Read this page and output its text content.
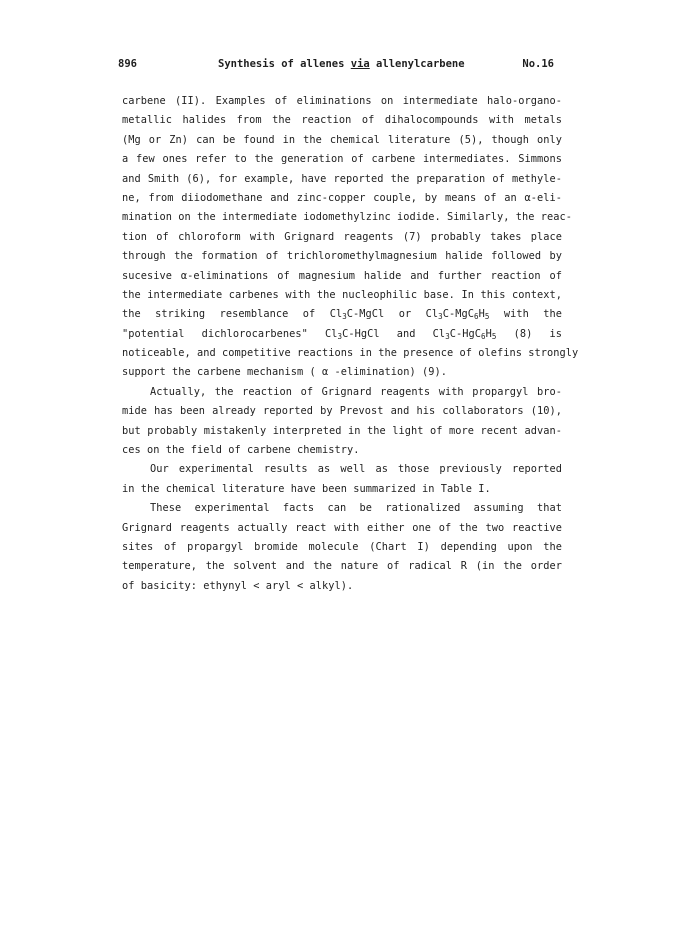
896	Synthesis of allenes via allenylcarbene	No.16
carbene (II). Examples of eliminations on intermediate halo-organo-
metallic halides from the reaction of dihalocompounds with metals
(Mg or Zn) can be found in the chemical literature (5), though only
a few ones refer to the generation of carbene intermediates. Simmons
and Smith (6), for example, have reported the preparation of methyle-
ne, from diiodomethane and zinc-copper couple, by means of an α-eli-
mination on the intermediate iodomethylzinc iodide. Similarly, the reac-
tion of chloroform with Grignard reagents (7) probably takes place
through the formation of trichloromethylmagnesium halide followed by
sucesive α-eliminations of magnesium halide and further reaction of
the intermediate carbenes with the nucleophilic base. In this context,
the striking resemblance of $Cl_3C$-MgCl or $Cl_3C-MgC_6H_5$ with the
"potential dichlorocarbenes" $Cl_3C$-HgCl and $Cl_3C-HgC_6H_5$ (8) is
noticeable, and competitive reactions in the presence of olefins strongly
support the carbene mechanism ( α -elimination) (9).
Actually, the reaction of Grignard reagents with propargyl bro-
mide has been already reported by Prevost and his collaborators (10),
but probably mistakenly interpreted in the light of more recent advan-
ces on the field of carbene chemistry.
Our experimental results as well as those previously reported
in the chemical literature have been summarized in Table I.
These experimental facts can be rationalized assuming that
Grignard reagents actually react with either one of the two reactive
sites of propargyl bromide molecule (Chart I) depending upon the
temperature, the solvent and the nature of radical R (in the order
of basicity: ethynyl < aryl < alkyl).
